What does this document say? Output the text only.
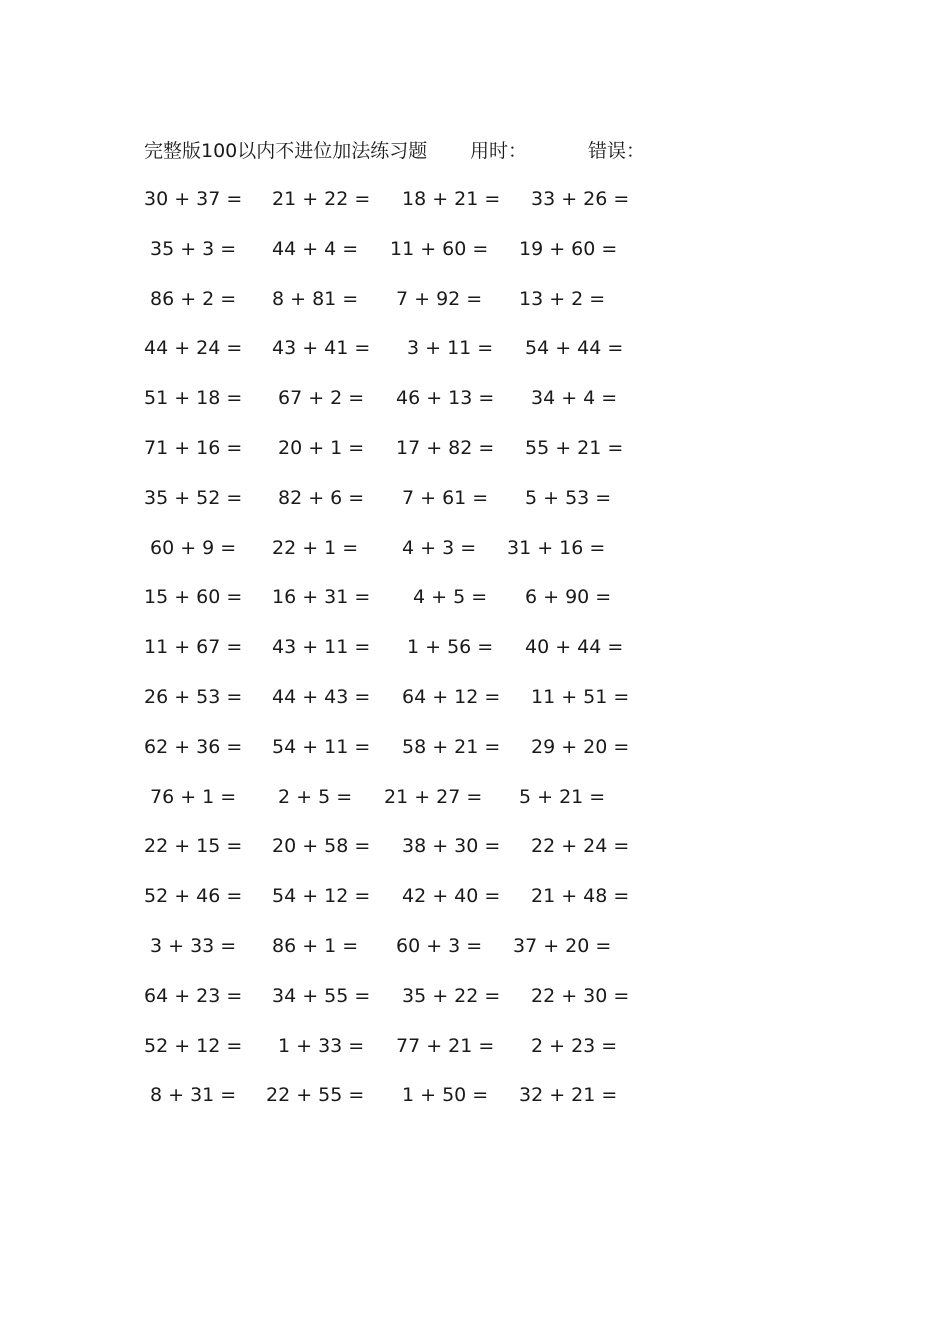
完整版100以内不进位加法练习题 用时：	错误：
30 + 37 = 21 + 22 = 18 + 21 = 33 + 26 =
35 + 3 = 44 + 4 = 11 + 60 = 19 + 60 =
86 + 2 = 8 + 81 = 7 + 92 = 13 + 2 =
44 + 24 = 43 + 41 = 3 + 11 = 54 + 44 =
51 + 18 = 67 + 2 = 46 + 13 = 34 + 4 =
71 + 16 = 20 + 1 = 17 + 82 = 55 + 21 =
35 + 52 = 82 + 6 = 7 + 61 = 5 + 53 =
60 + 9 = 22 + 1 = 4 + 3 = 31 + 16 =
15 + 60 = 16 + 31 = 4 + 5 = 6 + 90 =
11 + 67 = 43 + 11 = 1 + 56 = 40 + 44 =
26 + 53 = 44 + 43 = 64 + 12 = 11 + 51 =
62 + 36 = 54 + 11 = 58 + 21 = 29 + 20 =
76 + 1 = 2 + 5 = 21 + 27 = 5 + 21 =
22 + 15 = 20 + 58 = 38 + 30 = 22 + 24 =
52 + 46 = 54 + 12 = 42 + 40 = 21 + 48 =
3 + 33 = 86 + 1 = 60 + 3 = 37 + 20 =
64 + 23 = 34 + 55 = 35 + 22 = 22 + 30 =
52 + 12 = 1 + 33 = 77 + 21 = 2 + 23 =
8 + 31 = 22 + 55 = 1 + 50 = 32 + 21 =
